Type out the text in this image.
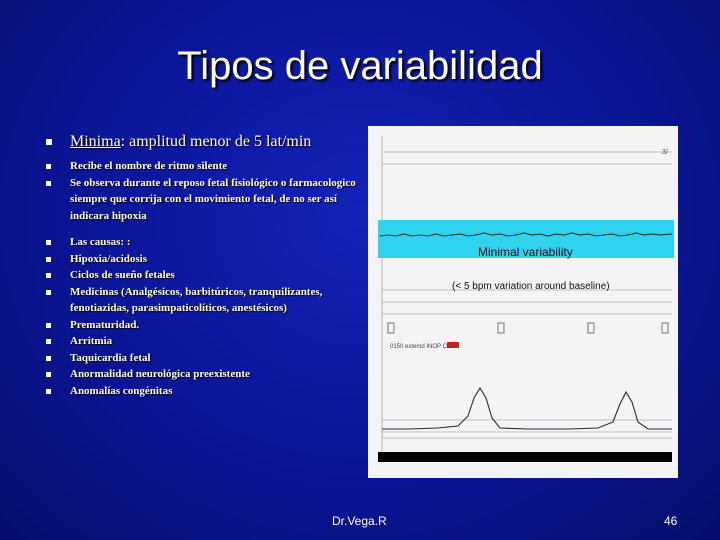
Tipos de variabilidad
Minima: amplitud menor de 5 lat/min
Recibe el nombre de ritmo silente
Se observa durante el reposo fetal fisiológico o farmacologico siempre que corrija con el movimiento fetal, de no ser así indicara hipoxia
Las causas: :
Hipoxia/acidosis
Ciclos de sueño fetales
Medicinas (Analgésicos, barbitúricos, tranquilizantes, fenotiazidas, parasimpaticolíticos, anestésicos)
Prematuridad.
Arritmia
Taquicardia fetal
Anormalidad neurológica preexistente
Anomalías congénitas
Minimal variability
(< 5 bpm variation around baseline)
0150 extemd INOP CUP
3/
Dr.Vega.R	46
